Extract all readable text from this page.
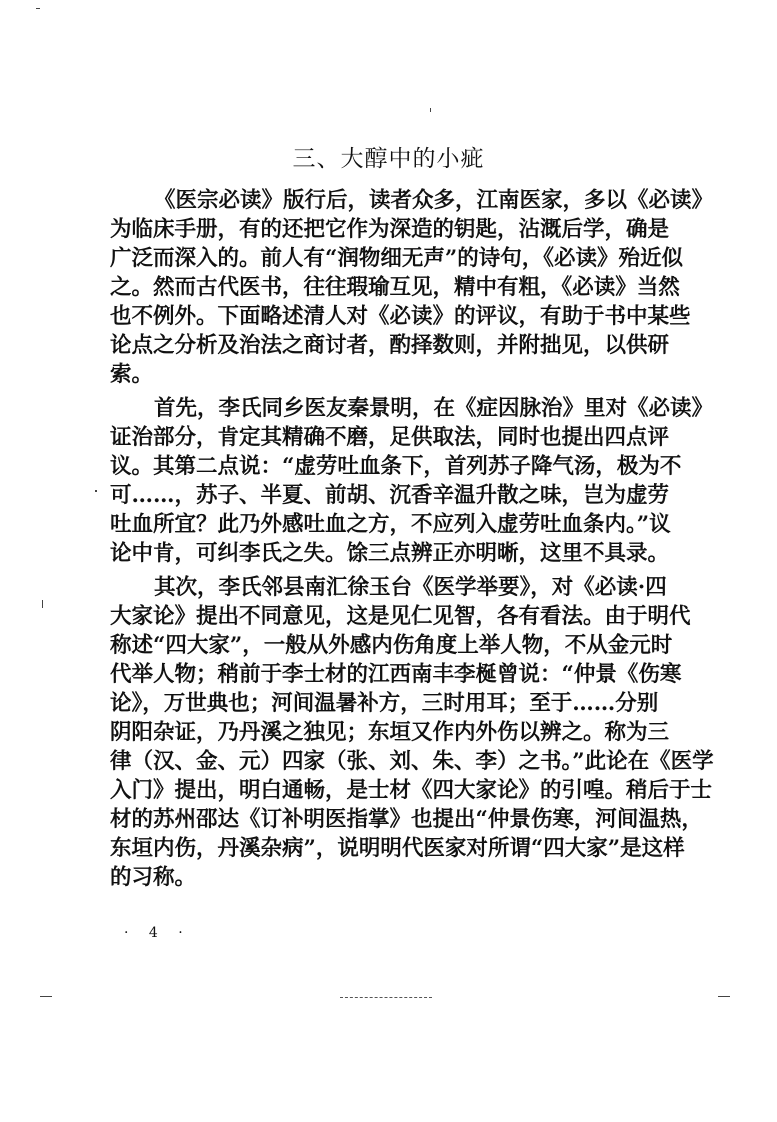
三、大醇中的小疵
《医宗必读》版行后，读者众多，江南医家，多以《必读》
为临床手册，有的还把它作为深造的钥匙，沾溉后学，确是
广泛而深入的。前人有“润物细无声”的诗句，《必读》殆近似
之。然而古代医书，往往瑕瑜互见，精中有粗，《必读》当然
也不例外。下面略述清人对《必读》的评议，有助于书中某些
论点之分析及治法之商讨者，酌择数则，并附拙见，以供研
索。
首先，李氏同乡医友秦景明，在《症因脉治》里对《必读》
证治部分，肯定其精确不磨，足供取法，同时也提出四点评
议。其第二点说：“虚劳吐血条下，首列苏子降气汤，极为不
可……，苏子、半夏、前胡、沉香辛温升散之味，岂为虚劳
吐血所宜？此乃外感吐血之方，不应列入虚劳吐血条内。”议
论中肯，可纠李氏之失。馀三点辨正亦明晰，这里不具录。
其次，李氏邻县南汇徐玉台《医学举要》，对《必读·四
大家论》提出不同意见，这是见仁见智，各有看法。由于明代
称述“四大家”，一般从外感内伤角度上举人物，不从金元时
代举人物；稍前于李士材的江西南丰李梴曾说：“仲景《伤寒
论》，万世典也；河间温暑补方，三时用耳；至于……分别
阴阳杂证，乃丹溪之独见；东垣又作内外伤以辨之。称为三
律（汉、金、元）四家（张、刘、朱、李）之书。”此论在《医学
入门》提出，明白通畅，是士材《四大家论》的引喤。稍后于士
材的苏州邵达《订补明医指掌》也提出“仲景伤寒，河间温热，
东垣内伤，丹溪杂病”，说明明代医家对所谓“四大家”是这样
的习称。
· 4 ·
